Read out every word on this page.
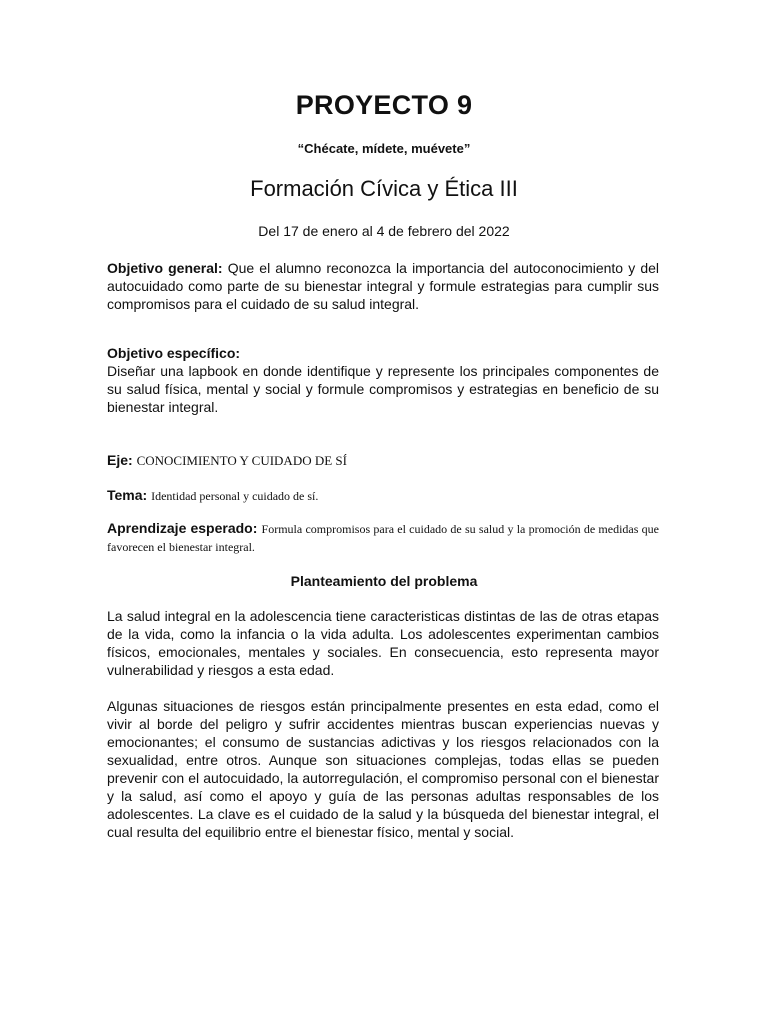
PROYECTO 9
“Chécate, mídete, muévete”
Formación Cívica y Ética III
Del 17 de enero al 4 de febrero del 2022
Objetivo general: Que el alumno reconozca la importancia del autoconocimiento y del autocuidado como parte de su bienestar integral y formule estrategias para cumplir sus compromisos para el cuidado de su salud integral.
Objetivo específico:
Diseñar una lapbook en donde identifique y represente los principales componentes de su salud física, mental y social y formule compromisos y estrategias en beneficio de su bienestar integral.
Eje: CONOCIMIENTO Y CUIDADO DE SÍ
Tema: Identidad personal y cuidado de sí.
Aprendizaje esperado: Formula compromisos para el cuidado de su salud y la promoción de medidas que favorecen el bienestar integral.
Planteamiento del problema
La salud integral en la adolescencia tiene caracteristicas distintas de las de otras etapas de la vida, como la infancia o la vida adulta. Los adolescentes experimentan cambios físicos, emocionales, mentales y sociales. En consecuencia, esto representa mayor vulnerabilidad y riesgos a esta edad.
Algunas situaciones de riesgos están principalmente presentes en esta edad, como el vivir al borde del peligro y sufrir accidentes mientras buscan experiencias nuevas y emocionantes; el consumo de sustancias adictivas y los riesgos relacionados con la sexualidad, entre otros. Aunque son situaciones complejas, todas ellas se pueden prevenir con el autocuidado, la autorregulación, el compromiso personal con el bienestar y la salud, así como el apoyo y guía de las personas adultas responsables de los adolescentes. La clave es el cuidado de la salud y la búsqueda del bienestar integral, el cual resulta del equilibrio entre el bienestar físico, mental y social.
